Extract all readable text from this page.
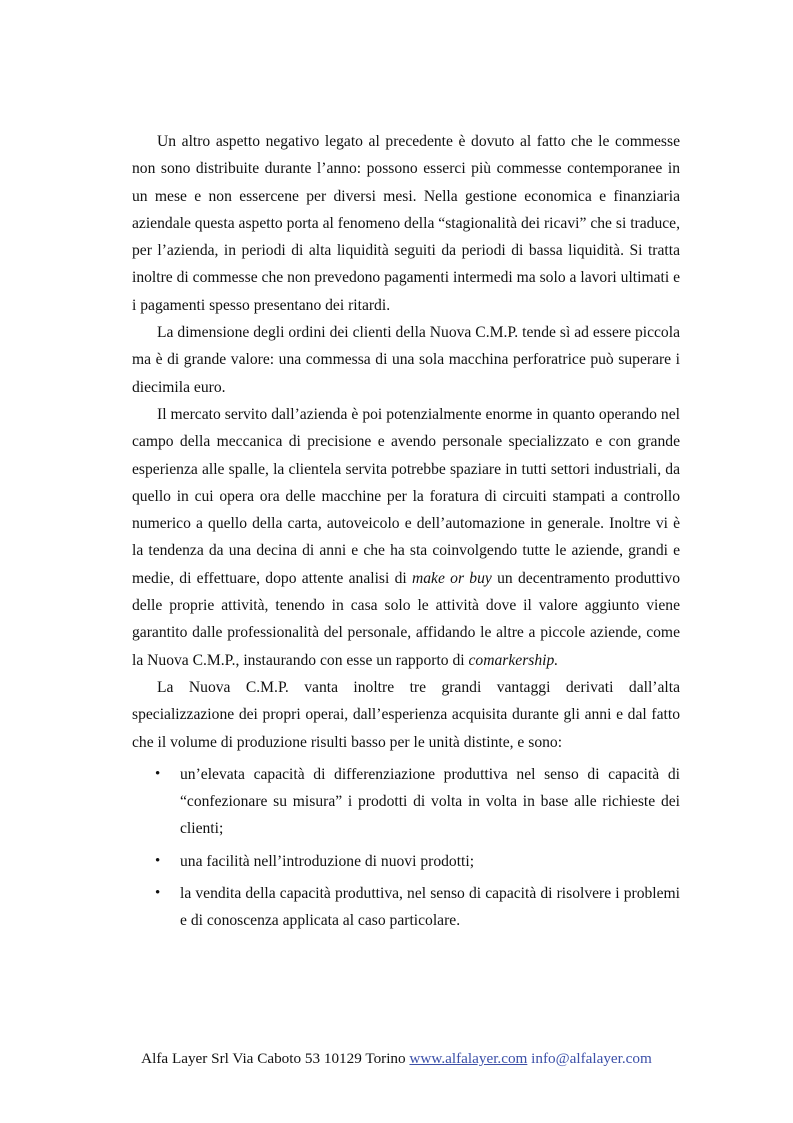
Un altro aspetto negativo legato al precedente è dovuto al fatto che le commesse non sono distribuite durante l’anno: possono esserci più commesse contemporanee in un mese e non essercene per diversi mesi. Nella gestione economica e finanziaria aziendale questa aspetto porta al fenomeno della “stagionalità dei ricavi” che si traduce, per l’azienda, in periodi di alta liquidità seguiti da periodi di bassa liquidità. Si tratta inoltre di commesse che non prevedono pagamenti intermedi ma solo a lavori ultimati e i pagamenti spesso presentano dei ritardi.

La dimensione degli ordini dei clienti della Nuova C.M.P. tende sì ad essere piccola ma è di grande valore: una commessa di una sola macchina perforatrice può superare i diecimila euro.

Il mercato servito dall’azienda è poi potenzialmente enorme in quanto operando nel campo della meccanica di precisione e avendo personale specializzato e con grande esperienza alle spalle, la clientela servita potrebbe spaziare in tutti settori industriali, da quello in cui opera ora delle macchine per la foratura di circuiti stampati a controllo numerico a quello della carta, autoveicolo e dell’automazione in generale. Inoltre vi è la tendenza da una decina di anni e che ha sta coinvolgendo tutte le aziende, grandi e medie, di effettuare, dopo attente analisi di make or buy un decentramento produttivo delle proprie attività, tenendo in casa solo le attività dove il valore aggiunto viene garantito dalle professionalità del personale, affidando le altre a piccole aziende, come la Nuova C.M.P., instaurando con esse un rapporto di comarkership.

La Nuova C.M.P. vanta inoltre tre grandi vantaggi derivati dall’alta specializzazione dei propri operai, dall’esperienza acquisita durante gli anni e dal fatto che il volume di produzione risulti basso per le unità distinte, e sono:

• un’elevata capacità di differenziazione produttiva nel senso di capacità di “confezionare su misura” i prodotti di volta in volta in base alle richieste dei clienti;
• una facilità nell’introduzione di nuovi prodotti;
• la vendita della capacità produttiva, nel senso di capacità di risolvere i problemi e di conoscenza applicata al caso particolare.
Alfa Layer Srl Via Caboto 53 10129 Torino www.alfalayer.com info@alfalayer.com
